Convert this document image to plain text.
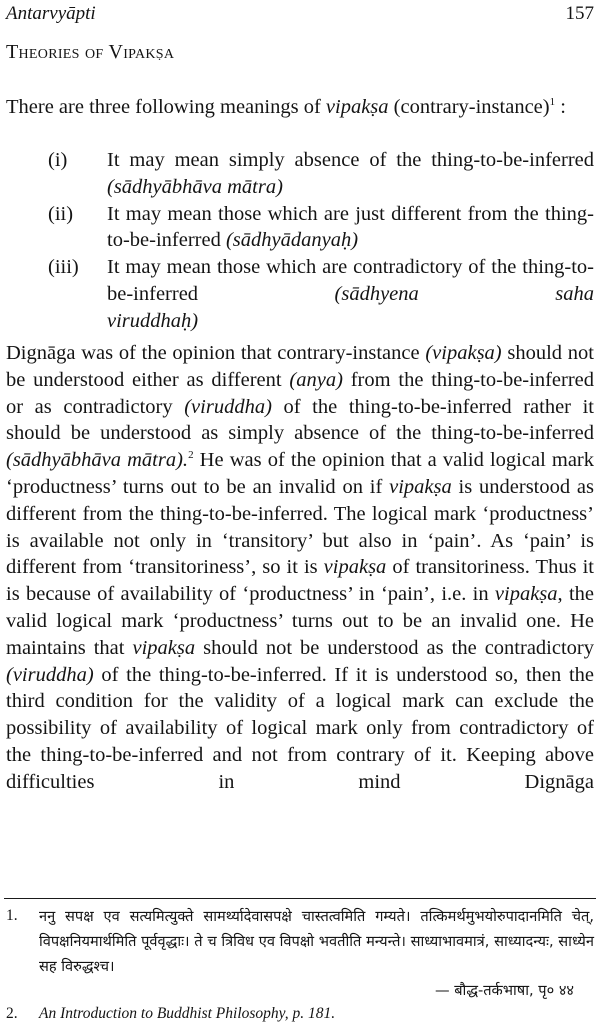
Antarvyāpti	157
Theories of Vipakṣa
There are three following meanings of vipakṣa (contrary-instance)$^1$ :
(i) It may mean simply absence of the thing-to-be-inferred (sādhyābhāva mātra)
(ii) It may mean those which are just different from the thing-to-be-inferred (sādhyādanyaḥ)
(iii) It may mean those which are contradictory of the thing-to-be-inferred (sādhyena saha
viruddhaḥ)
Dignāga was of the opinion that contrary-instance (vipakṣa) should not be understood either as different (anya) from the thing-to-be-inferred or as contradictory (viruddha) of the thing-to-be-inferred rather it should be understood as simply absence of the thing-to-be-inferred (sādhyābhāva mātra).$^2$ He was of the opinion that a valid logical mark ‘productness’ turns out to be an invalid on if vipakṣa is understood as different from the thing-to-be-inferred. The logical mark ‘productness’ is available not only in ‘transitory’ but also in ‘pain’. As ‘pain’ is different from ‘transitoriness’, so it is vipakṣa of transitoriness. Thus it is because of availability of ‘productness’ in ‘pain’, i.e. in vipakṣa, the valid logical mark ‘productness’ turns out to be an invalid one. He maintains that vipakṣa should not be understood as the contradictory (viruddha) of the thing-to-be-inferred. If it is understood so, then the third condition for the validity of a logical mark can exclude the possibility of availability of logical mark only from contradictory of the thing-to-be-inferred and not from contrary of it. Keeping above difficulties in mind Dignāga
1.	ननु सपक्ष एव सत्यमित्युक्ते सामर्थ्यादेवासपक्षे चास्तत्वमिति गम्यते। तत्किमर्थमुभयोरुपादानमिति चेत्, विपक्षनियमार्थमिति पूर्ववृद्धाः। ते च त्रिविध एव विपक्षो भवतीति मन्यन्ते। साध्याभावमात्रं, साध्यादन्यः, साध्येन सह विरुद्धश्च।
— बौद्ध-तर्कभाषा, पृ० ४४
2.	An Introduction to Buddhist Philosophy, p. 181.
